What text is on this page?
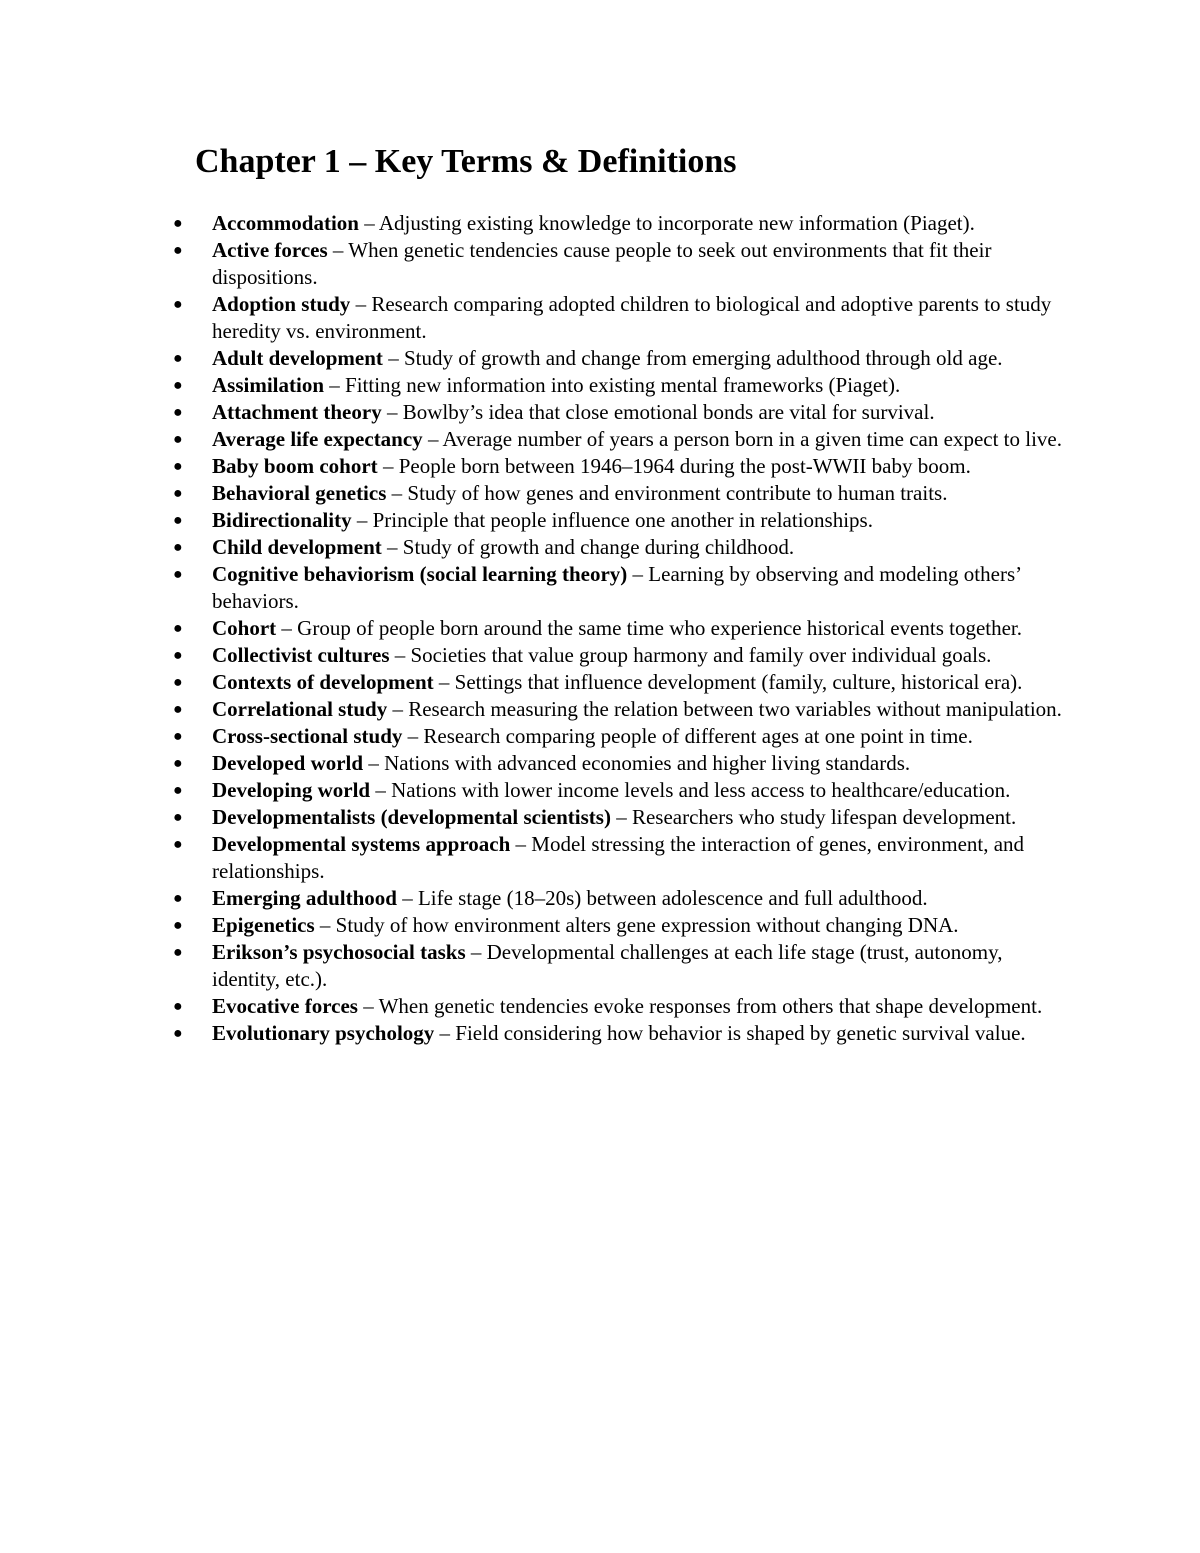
Chapter 1 – Key Terms & Definitions
● Accommodation – Adjusting existing knowledge to incorporate new information (Piaget).
● Active forces – When genetic tendencies cause people to seek out environments that fit their dispositions.
● Adoption study – Research comparing adopted children to biological and adoptive parents to study heredity vs. environment.
● Adult development – Study of growth and change from emerging adulthood through old age.
● Assimilation – Fitting new information into existing mental frameworks (Piaget).
● Attachment theory – Bowlby’s idea that close emotional bonds are vital for survival.
● Average life expectancy – Average number of years a person born in a given time can expect to live.
● Baby boom cohort – People born between 1946–1964 during the post-WWII baby boom.
● Behavioral genetics – Study of how genes and environment contribute to human traits.
● Bidirectionality – Principle that people influence one another in relationships.
● Child development – Study of growth and change during childhood.
● Cognitive behaviorism (social learning theory) – Learning by observing and modeling others’ behaviors.
● Cohort – Group of people born around the same time who experience historical events together.
● Collectivist cultures – Societies that value group harmony and family over individual goals.
● Contexts of development – Settings that influence development (family, culture, historical era).
● Correlational study – Research measuring the relation between two variables without manipulation.
● Cross-sectional study – Research comparing people of different ages at one point in time.
● Developed world – Nations with advanced economies and higher living standards.
● Developing world – Nations with lower income levels and less access to healthcare/education.
● Developmentalists (developmental scientists) – Researchers who study lifespan development.
● Developmental systems approach – Model stressing the interaction of genes, environment, and relationships.
● Emerging adulthood – Life stage (18–20s) between adolescence and full adulthood.
● Epigenetics – Study of how environment alters gene expression without changing DNA.
● Erikson’s psychosocial tasks – Developmental challenges at each life stage (trust, autonomy, identity, etc.).
● Evocative forces – When genetic tendencies evoke responses from others that shape development.
● Evolutionary psychology – Field considering how behavior is shaped by genetic survival value.
